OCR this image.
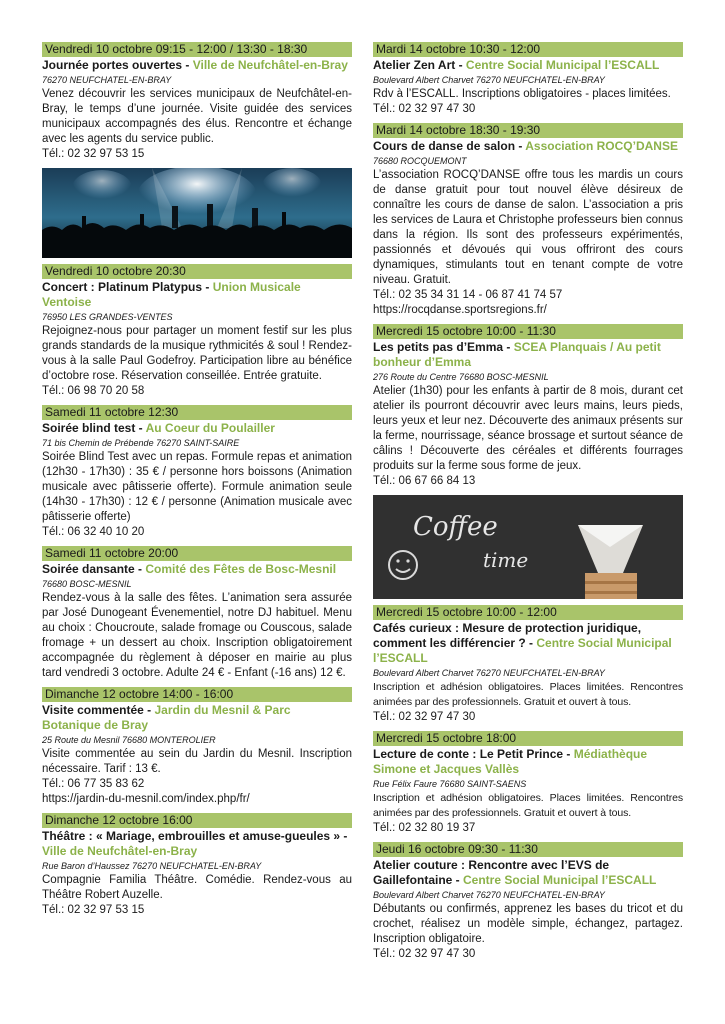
Vendredi 10 octobre 09:15 - 12:00 / 13:30 - 18:30
Journée portes ouvertes - Ville de Neufchâtel-en-Bray
76270 NEUFCHATEL-EN-BRAY
Venez découvrir les services municipaux de Neufchâtel-en-Bray, le temps d’une journée. Visite guidée des services municipaux accompagnés des élus. Rencontre et échange avec les agents du service public.
Tél.: 02 32 97 53 15
Vendredi 10 octobre 20:30
Concert : Platinum Platypus - Union Musicale Ventoise
76950 LES GRANDES-VENTES
Rejoignez-nous pour partager un moment festif sur les plus grands standards de la musique rythmicités & soul ! Rendez-vous à la salle Paul Godefroy. Participation libre au bénéfice d’octobre rose. Réservation conseillée. Entrée gratuite.
Tél.: 06 98 70 20 58
Samedi 11 octobre 12:30
Soirée blind test - Au Coeur du Poulailler
71 bis Chemin de Prébende 76270 SAINT-SAIRE
Soirée Blind Test avec un repas. Formule repas et animation (12h30 - 17h30) : 35 € / personne hors boissons (Animation musicale avec pâtisserie offerte). Formule animation seule (14h30 - 17h30) : 12 € / personne (Animation musicale avec pâtisserie offerte)
Tél.: 06 32 40 10 20
Samedi 11 octobre 20:00
Soirée dansante - Comité des Fêtes de Bosc-Mesnil
76680 BOSC-MESNIL
Rendez-vous à la salle des fêtes. L’animation sera assurée par José Dunogeant Évenementiel, notre DJ habituel. Menu au choix : Choucroute, salade fromage ou Couscous, salade fromage + un dessert au choix. Inscription obligatoirement accompagnée du règlement à déposer en mairie au plus tard vendredi 3 octobre. Adulte 24 € - Enfant (-16 ans) 12 €.
Dimanche 12 octobre 14:00 - 16:00
Visite commentée - Jardin du Mesnil & Parc Botanique de Bray
25 Route du Mesnil 76680 MONTEROLIER
Visite commentée au sein du Jardin du Mesnil. Inscription nécessaire. Tarif : 13 €.
Tél.: 06 77 35 83 62
https://jardin-du-mesnil.com/index.php/fr/
Dimanche 12 octobre 16:00
Théâtre : « Mariage, embrouilles et amuse-gueules » - Ville de Neufchâtel-en-Bray
Rue Baron d’Haussez 76270 NEUFCHATEL-EN-BRAY
Compagnie Familia Théâtre. Comédie. Rendez-vous au Théâtre Robert Auzelle.
Tél.: 02 32 97 53 15
Mardi 14 octobre 10:30 - 12:00
Atelier Zen Art - Centre Social Municipal l’ESCALL
Boulevard Albert Charvet 76270 NEUFCHATEL-EN-BRAY
Rdv à l’ESCALL. Inscriptions obligatoires - places limitées.
Tél.: 02 32 97 47 30
Mardi 14 octobre 18:30 - 19:30
Cours de danse de salon - Association ROCQ’DANSE
76680 ROCQUEMONT
L’association ROCQ’DANSE offre tous les mardis un cours de danse gratuit pour tout nouvel élève désireux de connaître les cours de danse de salon. L’association a pris les services de Laura et Christophe professeurs bien connus dans la région. Ils sont des professeurs expérimentés, passionnés et dévoués qui vous offriront des cours dynamiques, stimulants tout en tenant compte de votre niveau. Gratuit.
Tél.: 02 35 34 31 14 - 06 87 41 74 57
https://rocqdanse.sportsregions.fr/
Mercredi 15 octobre 10:00 - 11:30
Les petits pas d’Emma - SCEA Planquais / Au petit bonheur d’Emma
276 Route du Centre 76680 BOSC-MESNIL
Atelier (1h30) pour les enfants à partir de 8 mois, durant cet atelier ils pourront découvrir avec leurs mains, leurs pieds, leurs yeux et leur nez. Découverte des animaux présents sur la ferme, nourrissage, séance brossage et surtout séance de câlins ! Découverte des céréales et différents fourrages produits sur la ferme sous forme de jeux.
Tél.: 06 67 66 84 13
Coffee
time
Mercredi 15 octobre 10:00 - 12:00
Cafés curieux : Mesure de protection juridique, comment les différencier ? - Centre Social Municipal l’ESCALL
Boulevard Albert Charvet 76270 NEUFCHATEL-EN-BRAY
Inscription et adhésion obligatoires. Places limitées. Rencontres animées par des professionnels. Gratuit et ouvert à tous.
Tél.: 02 32 97 47 30
Mercredi 15 octobre 18:00
Lecture de conte : Le Petit Prince - Médiathèque Simone et Jacques Vallès
Rue Félix Faure 76680 SAINT-SAENS
Inscription et adhésion obligatoires. Places limitées. Rencontres animées par des professionnels. Gratuit et ouvert à tous.
Tél.: 02 32 80 19 37
Jeudi 16 octobre 09:30 - 11:30
Atelier couture : Rencontre avec l’EVS de Gaillefontaine - Centre Social Municipal l’ESCALL
Boulevard Albert Charvet 76270 NEUFCHATEL-EN-BRAY
Débutants ou confirmés, apprenez les bases du tricot et du crochet, réalisez un modèle simple, échangez, partagez. Inscription obligatoire.
Tél.: 02 32 97 47 30
